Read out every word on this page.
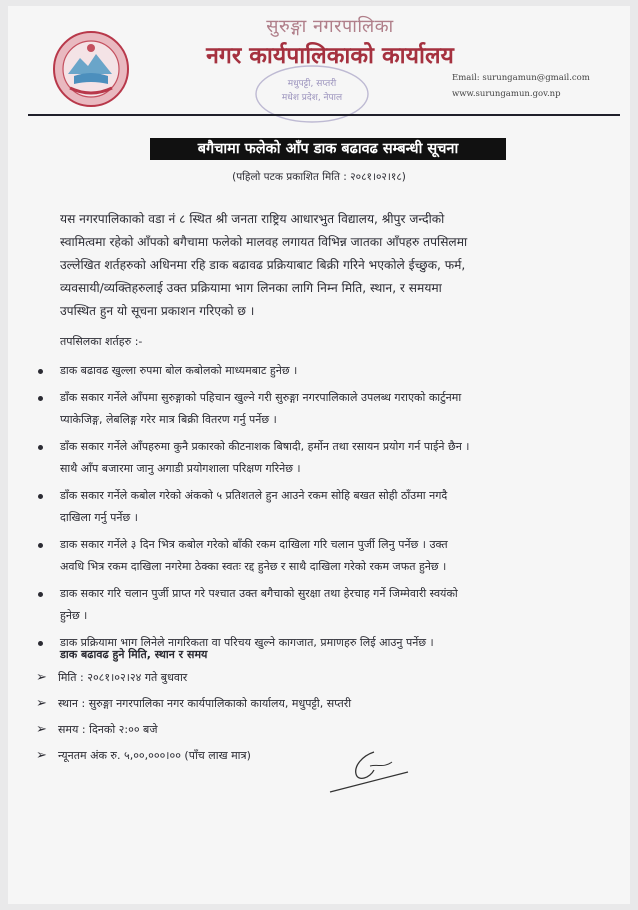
सुरुङ्गा नगरपालिका
नगर कार्यपालिकाको कार्यालय
मधुपट्टी, सप्तरी
मधेश प्रदेश, नेपाल
Email: surungamun@gmail.com
www.surungamun.gov.np
बगैचामा फलेको आँप डाक बढावढ सम्बन्धी सूचना
(पहिलो पटक प्रकाशित मिति : २०८१।०२।१८)
यस नगरपालिकाको वडा नं ८ स्थित श्री जनता राष्ट्रिय आधारभुत विद्यालय, श्रीपुर जन्दीको
स्वामित्वमा रहेको आँपको बगैचामा फलेको मालवह लगायत विभिन्न जातका आँपहरु तपसिलमा
उल्लेखित शर्तहरुको अधिनमा रहि डाक बढावढ प्रक्रियाबाट बिक्री गरिने भएकोले ईच्छुक, फर्म,
व्यवसायी/व्यक्तिहरुलाई उक्त प्रक्रियामा भाग लिनका लागि निम्न मिति, स्थान, र समयमा
उपस्थित हुन यो सूचना प्रकाशन गरिएको छ ।
तपसिलका शर्तहरु :-
डाक बढावढ खुल्ला रुपमा बोल कबोलको माध्यमबाट हुनेछ ।
डाँक सकार गर्नेले आँपमा सुरुङ्गाको पहिचान खुल्ने गरी सुरुङ्गा नगरपालिकाले उपलब्ध गराएको कार्टुनमा
प्याकेजिङ्ग, लेबलिङ्ग गरेर मात्र बिक्री वितरण गर्नु पर्नेछ ।
डाँक सकार गर्नेले आँपहरुमा कुनै प्रकारको कीटनाशक बिषादी, हर्मोन तथा रसायन प्रयोग गर्न पाईने छैन ।
साथै आँप बजारमा जानु अगाडी प्रयोगशाला परिक्षण गरिनेछ ।
डाँक सकार गर्नेले कबोल गरेको अंकको ५ प्रतिशतले हुन आउने रकम सोहि बखत सोही ठाँउमा नगदै
दाखिला गर्नु पर्नेछ ।
डाक सकार गर्नेले ३ दिन भित्र कबोल गरेको बाँकी रकम दाखिला गरि चलान पुर्जी लिनु पर्नेछ । उक्त
अवधि भित्र रकम दाखिला नगरेमा ठेक्का स्वतः रद्द हुनेछ र साथै दाखिला गरेको रकम जफत हुनेछ ।
डाक सकार गरि चलान पुर्जी प्राप्त गरे पश्चात उक्त बगैचाको सुरक्षा तथा हेरचाह गर्ने जिम्मेवारी स्वयंको
हुनेछ ।
डाक प्रक्रियामा भाग लिनेले नागरिकता वा परिचय खुल्ने कागजात, प्रमाणहरु लिई आउनु पर्नेछ ।
डाक बढावढ हुने मिति, स्थान र समय
➢ मिति : २०८१।०२।२४ गते बुधवार
➢ स्थान : सुरुङ्गा नगरपालिका नगर कार्यपालिकाको कार्यालय, मधुपट्टी, सप्तरी
➢ समय : दिनको २:०० बजे
➢ न्यूनतम अंक रु. ५,००,०००।०० (पाँच लाख मात्र)
